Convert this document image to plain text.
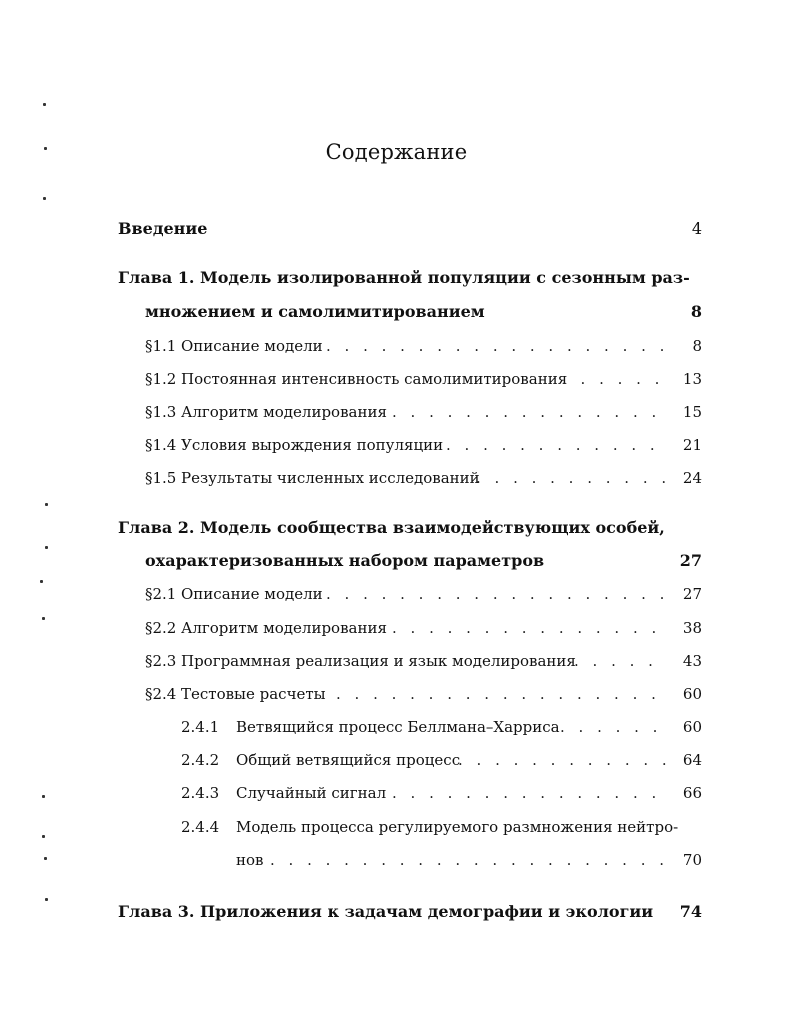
Содержание
Введение	4
Глава 1. Модель изолированной популяции с сезонным раз-
множением и самолимитированием	8
§1.1 Описание модели . . .	8
§1.2 Постоянная интенсивность самолимитирования . . .	13
§1.3 Алгоритм моделирования . . .	15
§1.4 Условия вырождения популяции . . .	21
§1.5 Результаты численных исследований . . .	24
Глава 2. Модель сообщества взаимодействующих особей,
охарактеризованных набором параметров	27
§2.1 Описание модели . . .	27
§2.2 Алгоритм моделирования . . .	38
§2.3 Программная реализация и язык моделирования . . .	43
§2.4 Тестовые расчеты . . .	60
2.4.1 Ветвящийся процесс Беллмана–Харриса . . .	60
2.4.2 Общий ветвящийся процесс . . .	64
2.4.3 Случайный сигнал . . .	66
2.4.4 Модель процесса регулируемого размножения нейтро-
нов . . .	70
Глава 3. Приложения к задачам демографии и экологии 74
